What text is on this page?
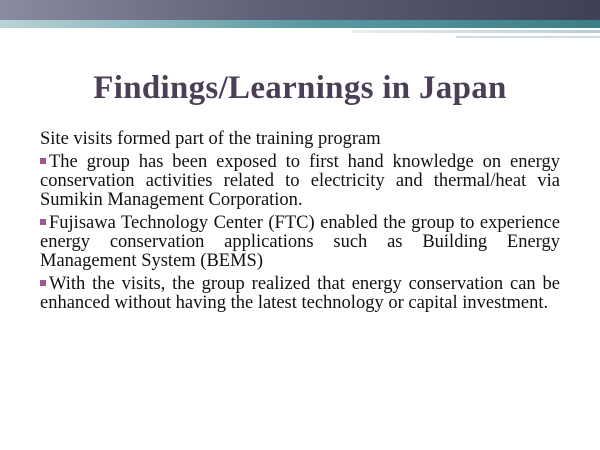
Findings/Learnings in Japan

Site visits formed part of the training program

The group has been exposed to first hand knowledge on energy conservation activities related to electricity and thermal/heat via Sumikin Management Corporation.

Fujisawa Technology Center (FTC) enabled the group to experience energy conservation applications such as Building Energy Management System (BEMS)

With the visits, the group realized that energy conservation can be enhanced without having the latest technology or capital investment.
